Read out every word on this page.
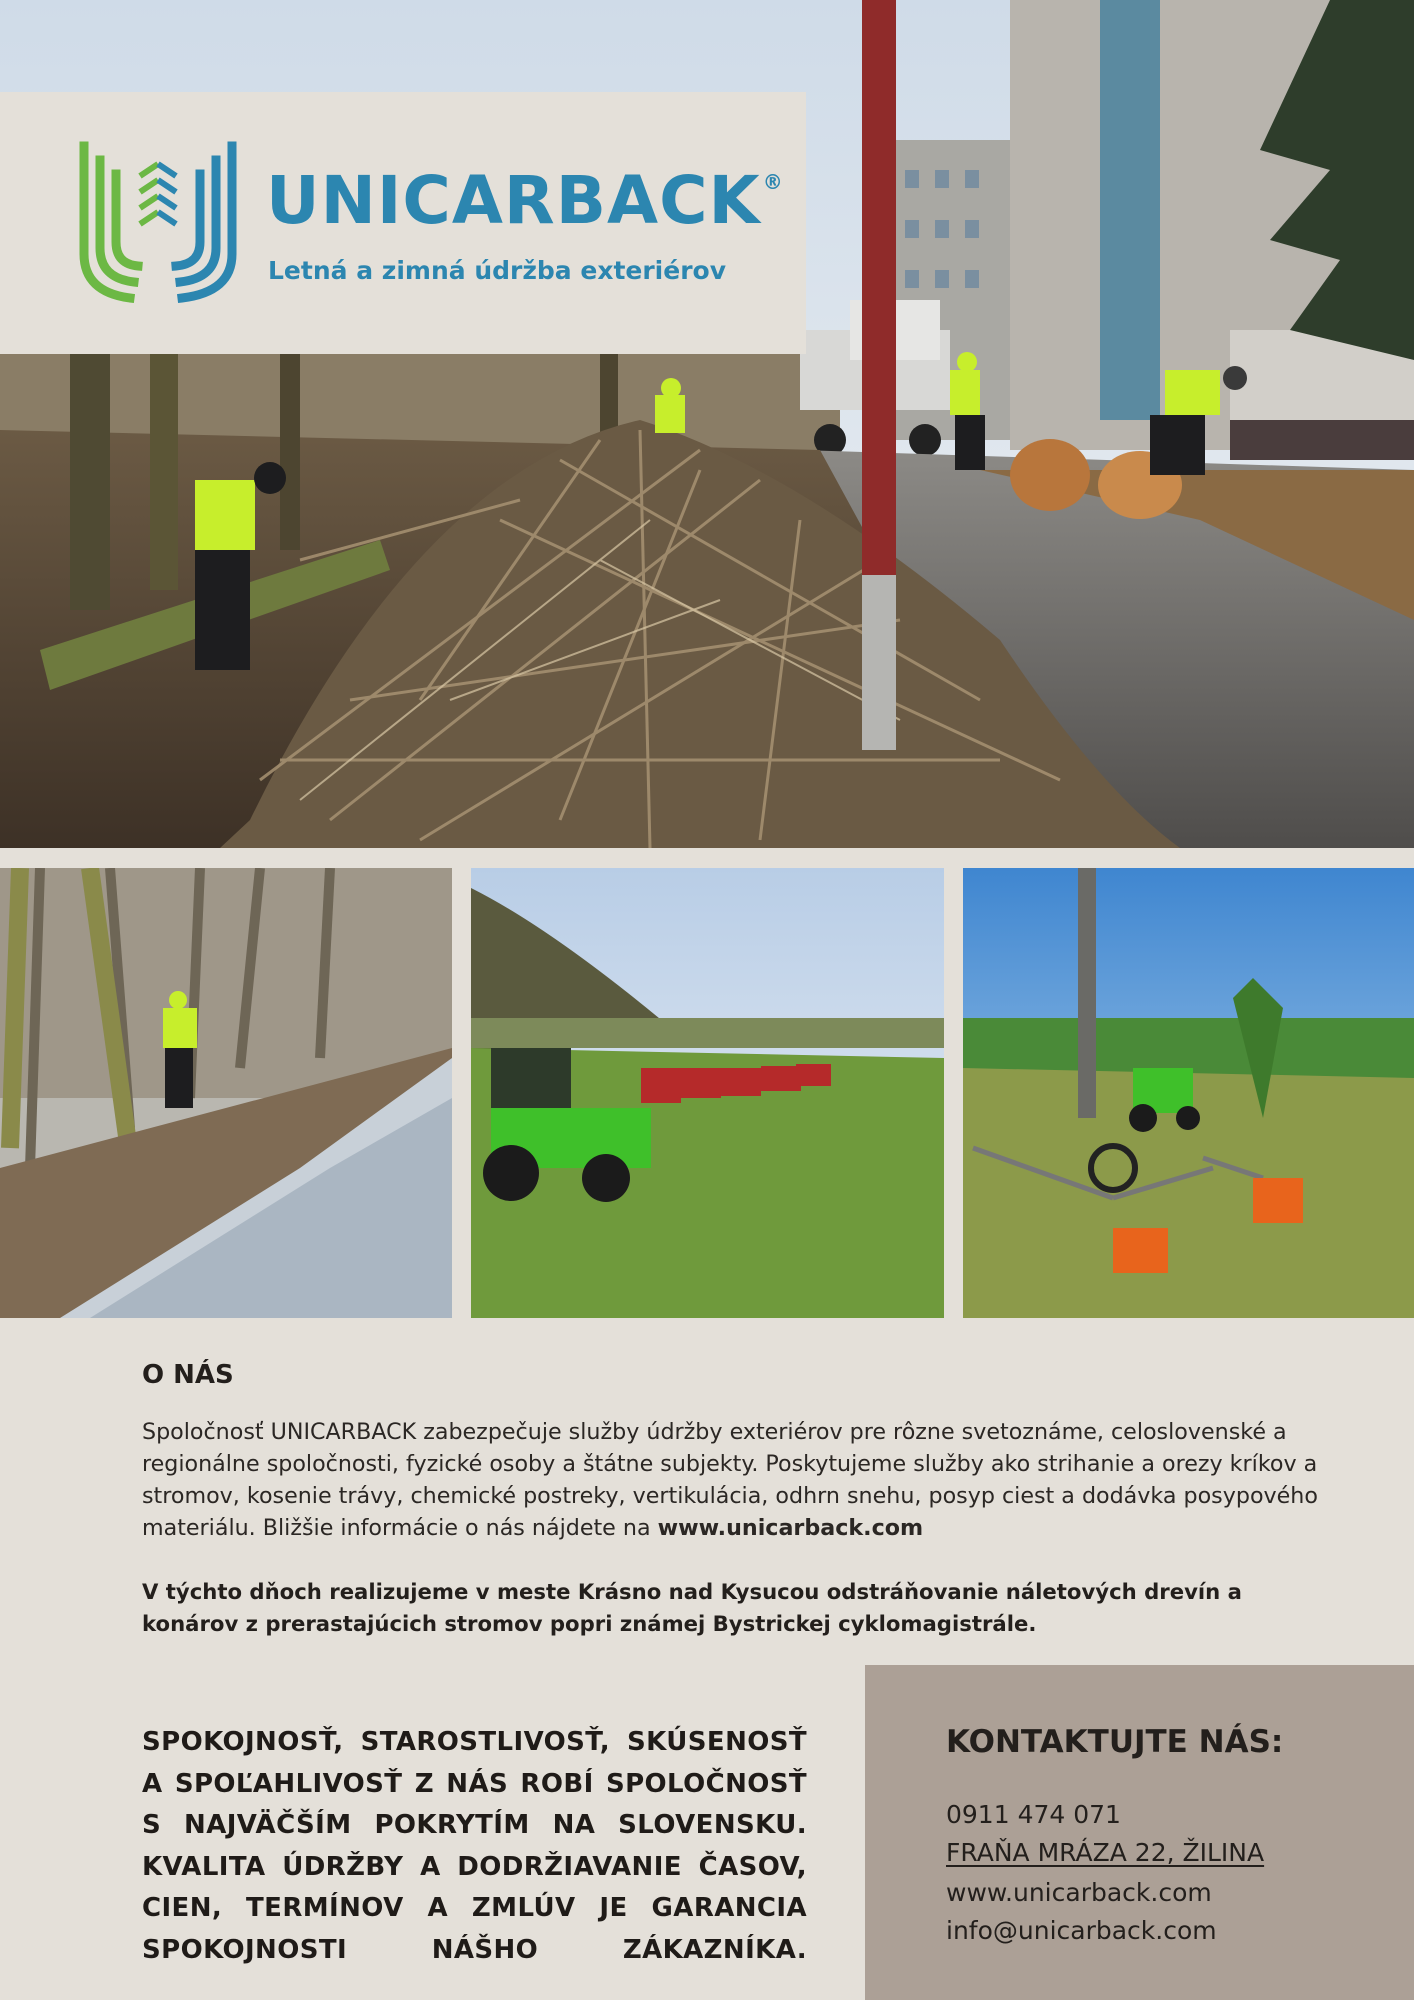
UNICARBACK ®
Letná a zimná údržba exteriérov
O NÁS
Spoločnosť UNICARBACK zabezpečuje služby údržby exteriérov pre rôzne svetoznáme, celoslovenské a regionálne spoločnosti, fyzické osoby a štátne subjekty. Poskytujeme služby ako strihanie a orezy kríkov a stromov, kosenie trávy, chemické postreky, vertikulácia, odhrn snehu, posyp ciest a dodávka posypového materiálu. Bližšie informácie o nás nájdete na www.unicarback.com
V týchto dňoch realizujeme v meste Krásno nad Kysucou odstráňovanie náletových drevín a konárov z prerastajúcich stromov popri známej Bystrickej cyklomagistrále.
SPOKOJNOSŤ, STAROSTLIVOSŤ, SKÚSENOSŤ A SPOĽAHLIVOSŤ Z NÁS ROBÍ SPOLOČNOSŤ S NAJVÄČŠÍM POKRYTÍM NA SLOVENSKU. KVALITA ÚDRŽBY A DODRŽIAVANIE ČASOV, CIEN, TERMÍNOV A ZMLÚV JE GARANCIA SPOKOJNOSTI NÁŠHO ZÁKAZNÍKA.
KONTAKTUJTE NÁS:
0911 474 071
FRAŇA MRÁZA 22, ŽILINA
www.unicarback.com
info@unicarback.com
